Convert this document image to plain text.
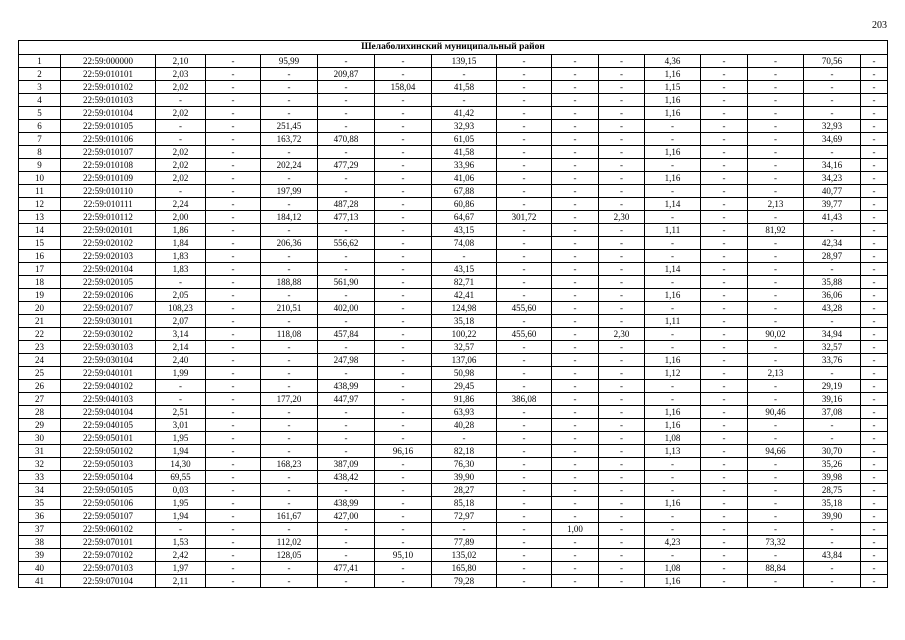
203
Шелаболихинский муниципальный район															
1	22:59:000000	2,10	-	95,99	-	-	139,15	-	-	-	4,36	-	-	70,56	-
2	22:59:010101	2,03	-	-	209,87	-	-	-	-	-	1,16	-	-	-	-
3	22:59:010102	2,02	-	-	-	158,04	41,58	-	-	-	1,15	-	-	-	-
4	22:59:010103	-	-	-	-	-	-	-	-	-	1,16	-	-	-	-
5	22:59:010104	2,02	-	-	-	-	41,42	-	-	-	1,16	-	-	-	-
6	22:59:010105	-	-	251,45	-	-	32,93	-	-	-	-	-	-	32,93	-
7	22:59:010106	-	-	163,72	470,88	-	61,05	-	-	-	-	-	-	34,69	-
8	22:59:010107	2,02	-	-	-	-	41,58	-	-	-	1,16	-	-	-	-
9	22:59:010108	2,02	-	202,24	477,29	-	33,96	-	-	-	-	-	-	34,16	-
10	22:59:010109	2,02	-	-	-	-	41,06	-	-	-	1,16	-	-	34,23	-
11	22:59:010110	-	-	197,99	-	-	67,88	-	-	-	-	-	-	40,77	-
12	22:59:010111	2,24	-	-	487,28	-	60,86	-	-	-	1,14	-	2,13	39,77	-
13	22:59:010112	2,00	-	184,12	477,13	-	64,67	301,72	-	2,30	-	-	-	41,43	-
14	22:59:020101	1,86	-	-	-	-	43,15	-	-	-	1,11	-	81,92	-	-
15	22:59:020102	1,84	-	206,36	556,62	-	74,08	-	-	-	-	-	-	42,34	-
16	22:59:020103	1,83	-	-	-	-	-	-	-	-	-	-	-	28,97	-
17	22:59:020104	1,83	-	-	-	-	43,15	-	-	-	1,14	-	-	-	-
18	22:59:020105	-	-	188,88	561,90	-	82,71	-	-	-	-	-	-	35,88	-
19	22:59:020106	2,05	-	-	-	-	42,41	-	-	-	1,16	-	-	36,06	-
20	22:59:020107	108,23	-	210,51	402,00	-	124,98	455,60	-	-	-	-	-	43,28	-
21	22:59:030101	2,07	-	-	-	-	35,18	-	-	-	1,11	-	-	-	-
22	22:59:030102	3,14	-	118,08	457,84	-	100,22	455,60	-	2,30	-	-	90,02	34,94	-
23	22:59:030103	2,14	-	-	-	-	32,57	-	-	-	-	-	-	32,57	-
24	22:59:030104	2,40	-	-	247,98	-	137,06	-	-	-	1,16	-	-	33,76	-
25	22:59:040101	1,99	-	-	-	-	50,98	-	-	-	1,12	-	2,13	-	-
26	22:59:040102	-	-	-	438,99	-	29,45	-	-	-	-	-	-	29,19	-
27	22:59:040103	-	-	177,20	447,97	-	91,86	386,08	-	-	-	-	-	39,16	-
28	22:59:040104	2,51	-	-	-	-	63,93	-	-	-	1,16	-	90,46	37,08	-
29	22:59:040105	3,01	-	-	-	-	40,28	-	-	-	1,16	-	-	-	-
30	22:59:050101	1,95	-	-	-	-	-	-	-	-	1,08	-	-	-	-
31	22:59:050102	1,94	-	-	-	96,16	82,18	-	-	-	1,13	-	94,66	30,70	-
32	22:59:050103	14,30	-	168,23	387,09	-	76,30	-	-	-	-	-	-	35,26	-
33	22:59:050104	69,55	-	-	438,42	-	39,90	-	-	-	-	-	-	39,98	-
34	22:59:050105	0,03	-	-	-	-	28,27	-	-	-	-	-	-	28,75	-
35	22:59:050106	1,95	-	-	438,99	-	85,18	-	-	-	1,16	-	-	35,18	-
36	22:59:050107	1,94	-	161,67	427,00	-	72,97	-	-	-	-	-	-	39,90	-
37	22:59:060102	-	-	-	-	-	-	-	1,00	-	-	-	-	-	-
38	22:59:070101	1,53	-	112,02	-	-	77,89	-	-	-	4,23	-	73,32	-	-
39	22:59:070102	2,42	-	128,05	-	95,10	135,02	-	-	-	-	-	-	43,84	-
40	22:59:070103	1,97	-	-	477,41	-	165,80	-	-	-	1,08	-	88,84	-	-
41	22:59:070104	2,11	-	-	-	-	79,28	-	-	-	1,16	-	-	-	-
